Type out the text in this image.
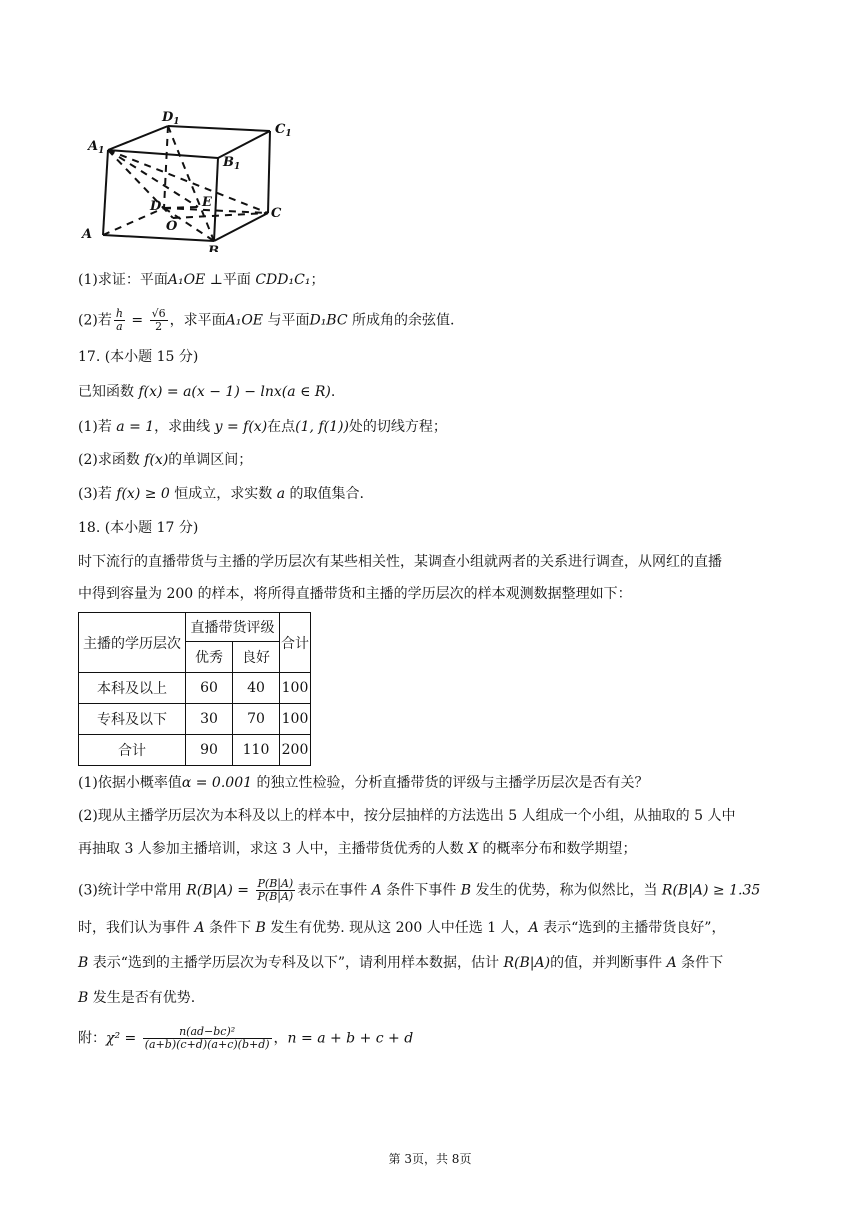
$D_1$	$C_1$
$A_1$
$B_1$
D	E
C
O
A
B
(1)求证：平面A₁OE ⊥平面 CDD₁C₁；
(2)若 $\frac{h}{a} = \frac{√6}{2}$ ，求平面A₁OE 与平面D₁BC 所成角的余弦值.
17. (本小题 15 分)
已知函数 f(x) = a(x − 1) − lnx(a ∈ R).
(1)若 a = 1，求曲线 y = f(x)在点(1, f(1))处的切线方程；
(2)求函数 f(x)的单调区间；
(3)若 f(x) ≥ 0 恒成立，求实数 a 的取值集合.
18. (本小题 17 分)
时下流行的直播带货与主播的学历层次有某些相关性，某调查小组就两者的关系进行调查，从网红的直播
中得到容量为 200 的样本，将所得直播带货和主播的学历层次的样本观测数据整理如下：
主播的学历层次	直播带货评级		合计
	优秀	良好	
本科及以上	60	40	100
专科及以下	30	70	100
合计	90	110	200
(1)依据小概率值α = 0.001 的独立性检验，分析直播带货的评级与主播学历层次是否有关？
(2)现从主播学历层次为本科及以上的样本中，按分层抽样的方法选出 5 人组成一个小组，从抽取的 5 人中
再抽取 3 人参加主播培训，求这 3 人中，主播带货优秀的人数 X 的概率分布和数学期望；
(3)统计学中常用 $R(B|A) = \frac{P(B|A)}{P(B̄|A)}$ 表示在事件 A 条件下事件 B 发生的优势，称为似然比，当 R(B|A) ≥ 1.35
时，我们认为事件 A 条件下 B 发生有优势. 现从这 200 人中任选 1 人，A 表示“选到的主播带货良好”，
B 表示“选到的主播学历层次为专科及以下”，请利用样本数据，估计 R(B|A)的值，并判断事件 A 条件下
B 发生是否有优势.
附：$\chi^2 = \frac{\text{n(ad−bc)²}}{(a+b)(c+d)(a+c)(b+d)}$ ，n = a + b + c + d
第 3页，共 8页
